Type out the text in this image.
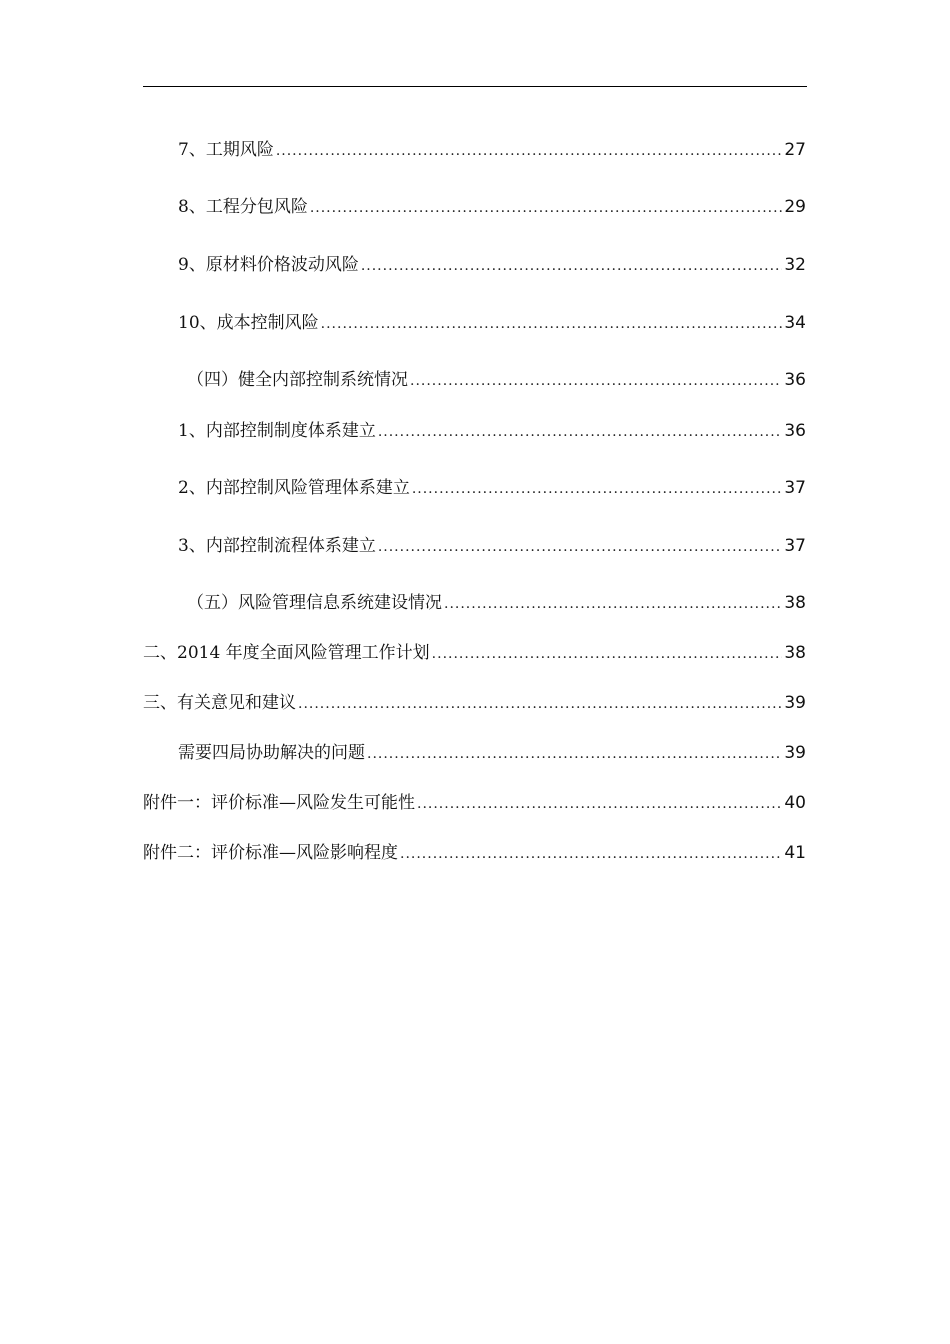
7、工期风险 .....	27
8、工程分包风险 .....	29
9、原材料价格波动风险 .....	32
10、成本控制风险 .....	34
（四）健全内部控制系统情况 .....	36
1、内部控制制度体系建立 .....	36
2、内部控制风险管理体系建立 .....	37
3、内部控制流程体系建立 .....	37
（五）风险管理信息系统建设情况 .....	38
二、2014 年度全面风险管理工作计划 .....	38
三、有关意见和建议 .....	39
需要四局协助解决的问题 .....	39
附件一：评价标准—风险发生可能性 .....	40
附件二：评价标准—风险影响程度 .....	41
